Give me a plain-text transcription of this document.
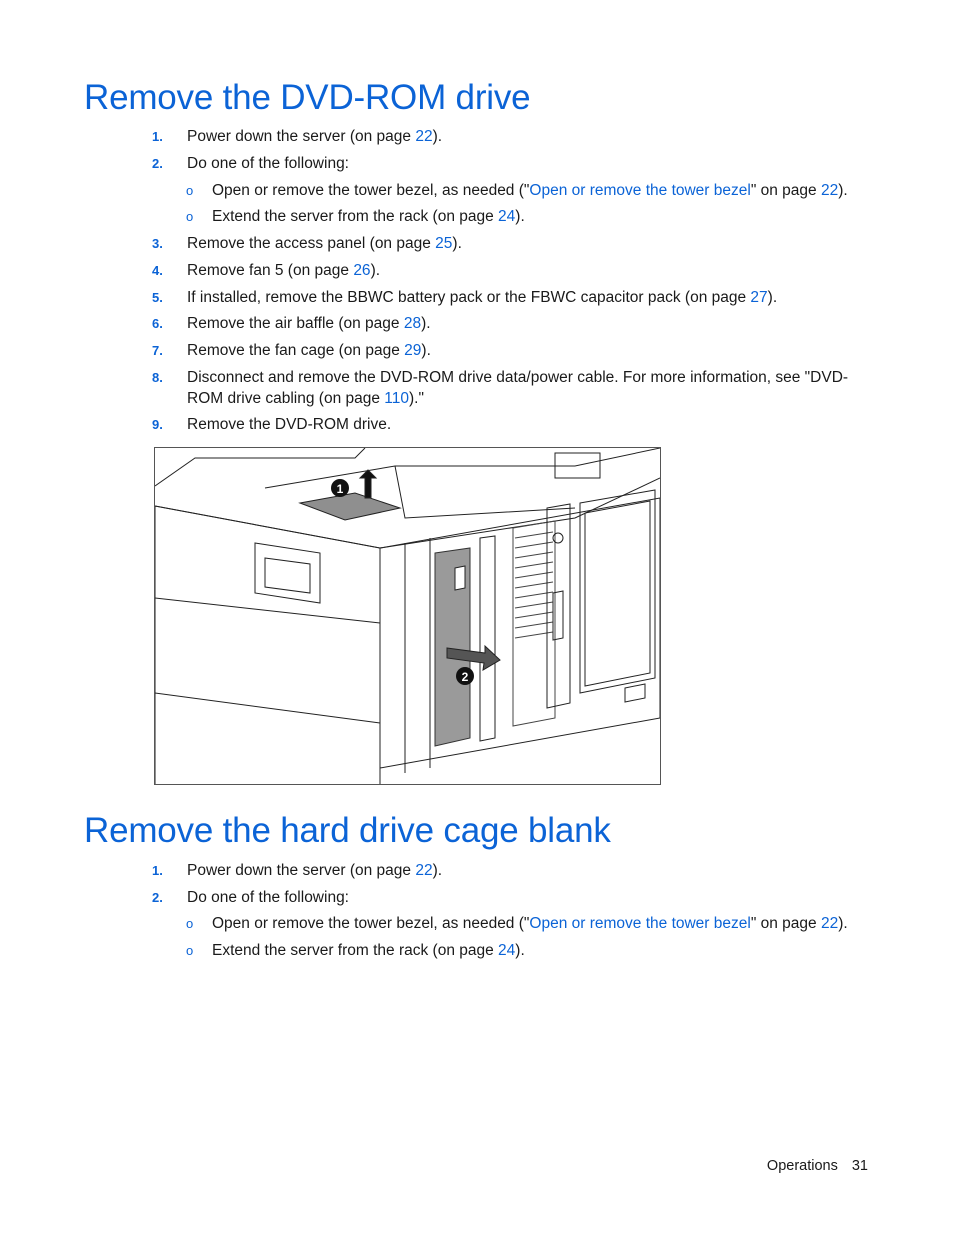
Remove the DVD-ROM drive
1. Power down the server (on page 22).
2. Do one of the following:
o Open or remove the tower bezel, as needed ("Open or remove the tower bezel" on page 22).
o Extend the server from the rack (on page 24).
3. Remove the access panel (on page 25).
4. Remove fan 5 (on page 26).
5. If installed, remove the BBWC battery pack or the FBWC capacitor pack (on page 27).
6. Remove the air baffle (on page 28).
7. Remove the fan cage (on page 29).
8. Disconnect and remove the DVD-ROM drive data/power cable. For more information, see "DVD-ROM drive cabling (on page 110)."
9. Remove the DVD-ROM drive.
1
2
Remove the hard drive cage blank
1. Power down the server (on page 22).
2. Do one of the following:
o Open or remove the tower bezel, as needed ("Open or remove the tower bezel" on page 22).
o Extend the server from the rack (on page 24).
Operations 31
